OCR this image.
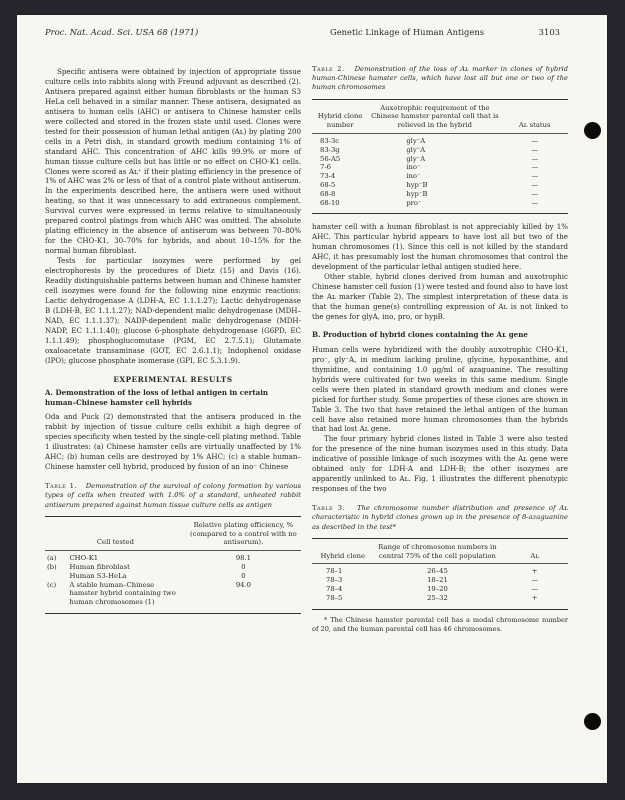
Proc. Nat. Acad. Sci. USA 68 (1971)	Genetic Linkage of Human Antigens	3103

Specific antisera were obtained by injection of appropriate tissue culture cells into rabbits along with Freund adjuvant as described (2). Antisera prepared against either human fibroblasts or the human S3 HeLa cell behaved in a similar manner. These antisera, designated as antisera to human cells (AHC) or antisera to Chinese hamster cells were collected and stored in the frozen state until used. Clones were tested for their possession of human lethal antigen (Aʟ) by plating 200 cells in a Petri dish, in standard growth medium containing 1% of standard AHC. This concentration of AHC kills 99.9% or more of human tissue culture cells but has little or no effect on CHO-K1 cells. Clones were scored as Aʟ⁺ if their plating efficiency in the presence of 1% of AHC was 2% or less of that of a control plate without antiserum. In the experiments described here, the antisera were used without heating, so that it was unnecessary to add extraneous complement. Survival curves were expressed in terms relative to simultaneously prepared control platings from which AHC was omitted. The absolute plating efficiency in the absence of antiserum was between 70–80% for the CHO-K1, 30–70% for hybrids, and about 10–15% for the normal human fibroblast.

Tests for particular isozymes were performed by gel electrophoresis by the procedures of Dietz (15) and Davis (16). Readily distinguishable patterns between human and Chinese hamster cell isozymes were found for the following nine enzymic reactions: Lactic dehydrogenase A (LDH-A, EC 1.1.1.27); Lactic dehydrogenase B (LDH-B, EC 1.1.1.27); NAD-dependent malic dehydrogenase (MDH–NAD, EC 1.1.1.37); NADP-dependent malic dehydrogenase (MDH-NADP, EC 1.1.1.40); glucose 6-phosphate dehydrogenase (G6PD, EC 1.1.1.49); phosphoglucomutase (PGM, EC 2.7.5.1); Glutamate oxaloacetate transaminase (GOT, EC 2.6.1.1); Indophenol oxidase (IPO); glucose phosphate isomerase (GPI, EC 5.3.1.9).

EXPERIMENTAL RESULTS
A. Demonstration of the loss of lethal antigen in certain human–Chinese hamster cell hybrids

Oda and Puck (2) demonstrated that the antisera produced in the rabbit by injection of tissue culture cells exhibit a high degree of species specificity when tested by the single-cell plating method. Table 1 illustrates: (a) Chinese hamster cells are virtually unaffected by 1% AHC; (b) human cells are destroyed by 1% AHC; (c) a stable human–Chinese hamster cell hybrid, produced by fusion of an ino⁻ Chinese

Table 1. Demonstration of the survival of colony formation by various types of cells when treated with 1.0% of a standard, unheated rabbit antiserum prepared against human tissue culture cells as antigen
Cell tested		Relative plating efficiency, % (compared to a control with no antiserum).
(a)	CHO-K1	98.1
(b)	Human fibroblast	0
	Human S3-HeLa	0
(c)	A stable human–Chinese hamster hybrid containing two human chromosomes (1)	94.0
Table 2. Demonstration of the loss of Aʟ marker in clones of hybrid human-Chinese hamster cells, which have lost all but one or two of the human chromosomes
Hybrid clone number	Auxotrophic requirement of the Chinese hamster parental cell that is relieved in the hybrid	Aʟ status
83-3c	gly⁻A	—
83-3g	gly⁻A	—
56-A5	gly⁻A	—
7-6	ino⁻	—
73-4	ino⁻	—
68-5	hyp⁻B	—
68-8	hyp⁻B	—
68-10	pro⁻	—

hamster cell with a human fibroblast is not appreciably killed by 1% AHC. This particular hybrid appears to have lost all but two of the human chromosomes (1). Since this cell is not killed by the standard AHC, it has presumably lost the human chromosomes that control the development of the particular lethal antigen studied here.

Other stable, hybrid clones derived from human and auxotrophic Chinese hamster cell fusion (1) were tested and found also to have lost the Aʟ marker (Table 2). The simplest interpretation of these data is that the human gene(s) controlling expression of Aʟ is not linked to the genes for glyA, ino, pro, or hypB.

B. Production of hybrid clones containing the Aʟ gene

Human cells were hybridized with the doubly auxotrophic CHO-K1, pro⁻, gly⁻A, in medium lacking proline, glycine, hypoxanthine, and thymidine, and containing 1.0 μg/ml of azaguanine. The resulting hybrids were cultivated for two weeks in this same medium. Single cells were then plated in standard growth medium and clones were picked for further study. Some properties of these clones are shown in Table 3. The two that have retained the lethal antigen of the human cell have also retained more human chromosomes than the hybrids that had lost Aʟ gene.

The four primary hybrid clones listed in Table 3 were also tested for the presence of the nine human isozymes used in this study. Data indicative of possible linkage of such isozymes with the Aʟ gene were obtained only for LDH-A and LDH-B; the other isozymes are apparently unlinked to Aʟ. Fig. 1 illustrates the different phenotypic responses of the two

Table 3. The chromosome number distribution and presence of Aʟ characteristic in hybrid clones grown up in the presence of 8-azaguanine as described in the test*
Hybrid clone	Range of chromosome numbers in central 75% of the cell population	Aʟ
78–1	26–45	+
78–3	18–21	—
78–4	19–20	—
78–5	25–32	+
* The Chinese hamster parental cell has a modal chromosome number of 20, and the human parental cell has 46 chromosomes.
